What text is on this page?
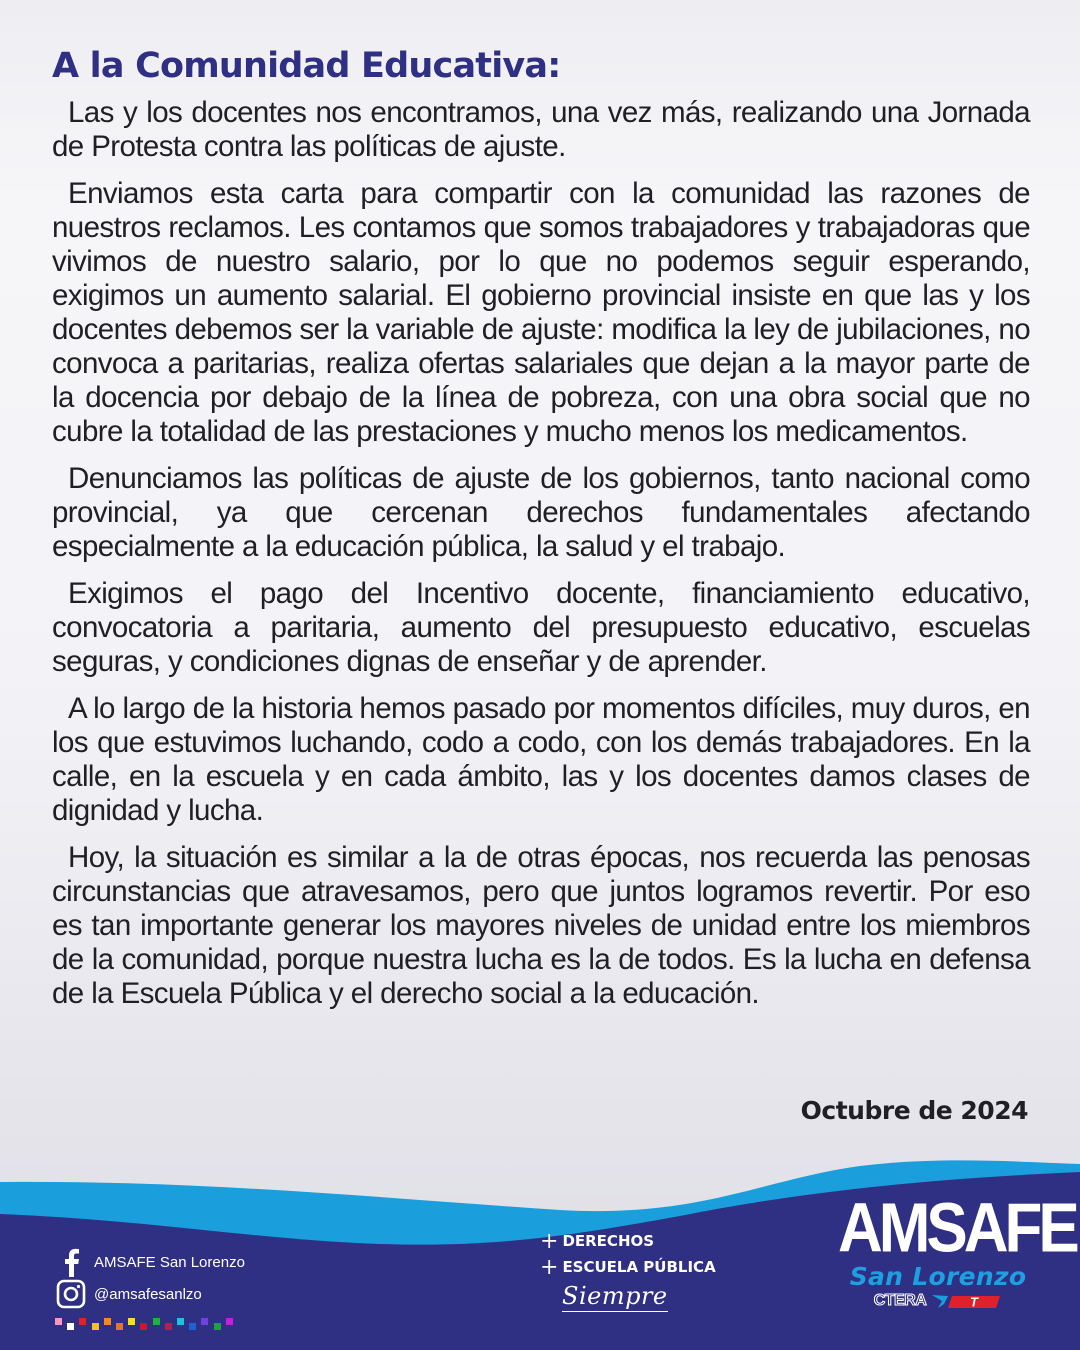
A la Comunidad Educativa:

Las y los docentes nos encontramos, una vez más, realizando una Jornada de Protesta contra las políticas de ajuste.

Enviamos esta carta para compartir con la comunidad las razones de nuestros reclamos. Les contamos que somos trabajadores y trabajadoras que vivimos de nuestro salario, por lo que no podemos seguir esperando, exigimos un aumento salarial. El gobierno provincial insiste en que las y los docentes debemos ser la variable de ajuste: modifica la ley de jubilaciones, no convoca a paritarias, realiza ofertas salariales que dejan a la mayor parte de la docencia por debajo de la línea de pobreza, con una obra social que no cubre la totalidad de las prestaciones y mucho menos los medicamentos.

Denunciamos las políticas de ajuste de los gobiernos, tanto nacional como provincial, ya que cercenan derechos fundamentales afectando especialmente a la educación pública, la salud y el trabajo.

Exigimos el pago del Incentivo docente, financiamiento educativo, convocatoria a paritaria, aumento del presupuesto educativo, escuelas seguras, y condiciones dignas de enseñar y de aprender.

A lo largo de la historia hemos pasado por momentos difíciles, muy duros, en los que estuvimos luchando, codo a codo, con los demás trabajadores. En la calle, en la escuela y en cada ámbito, las y los docentes damos clases de dignidad y lucha.

Hoy, la situación es similar a la de otras épocas, nos recuerda las penosas circunstancias que atravesamos, pero que juntos logramos revertir. Por eso es tan importante generar los mayores niveles de unidad entre los miembros de la comunidad, porque nuestra lucha es la de todos. Es la lucha en defensa de la Escuela Pública y el derecho social a la educación.

Octubre de 2024
AMSAFE San Lorenzo
@amsafesanlzo
+ DERECHOS
+ ESCUELA PÚBLICA
Siempre
AMSAFE
San Lorenzo
CTERA	T
